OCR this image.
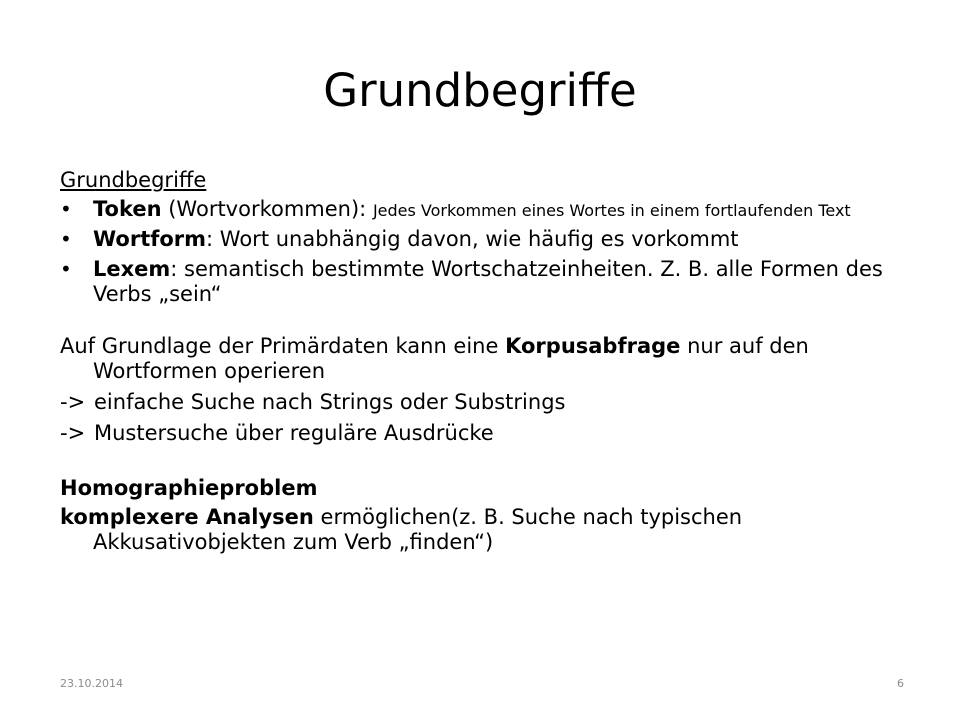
Grundbegriffe

Grundbegriffe

•	Token (Wortvorkommen): Jedes Vorkommen eines Wortes in einem fortlaufenden Text
•	Wortform: Wort unabhängig davon, wie häufig es vorkommt
•	Lexem: semantisch bestimmte Wortschatzeinheiten. Z. B. alle Formen des Verbs „sein“

Auf Grundlage der Primärdaten kann eine Korpusabfrage nur auf den Wortformen operieren

-> einfache Suche nach Strings oder Substrings
-> Mustersuche über reguläre Ausdrücke

Homographieproblem

komplexere Analysen ermöglichen(z. B. Suche nach typischen Akkusativobjekten zum Verb „finden“)

23.10.2014	6
